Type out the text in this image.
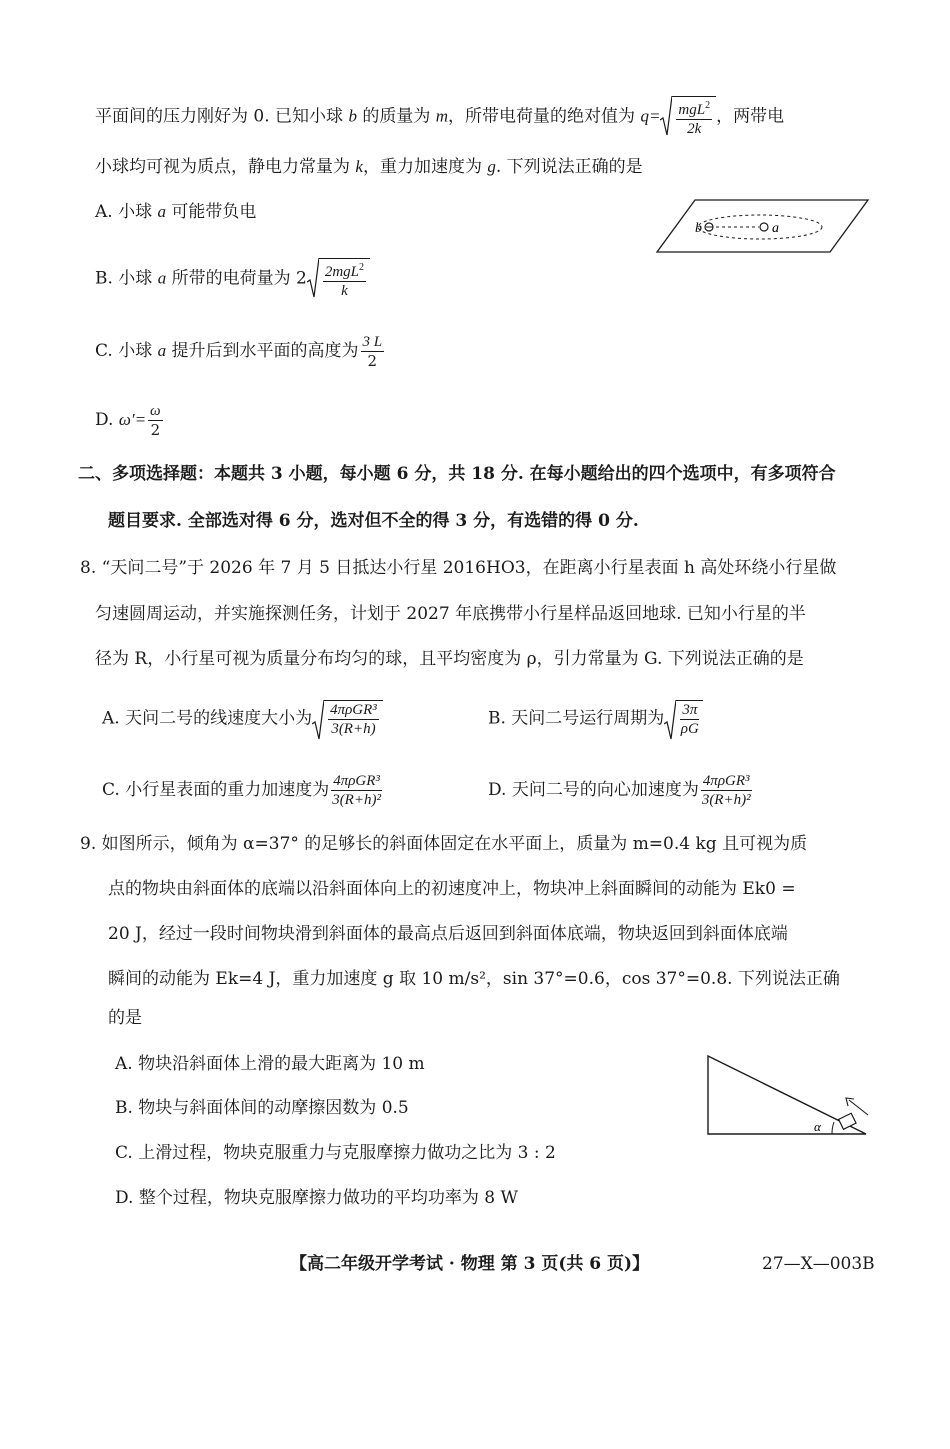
平面间的压力刚好为 0. 已知小球 b 的质量为 m，所带电荷量的绝对值为 $q= \frac{mgL^2}{2k}$ ，两带电
小球均可视为质点，静电力常量为 k，重力加速度为 g. 下列说法正确的是
A. 小球 a 可能带负电
B. 小球 a 所带的电荷量为 $2 \frac{2mgL^2}{k}$
C. 小球 a 提升后到水平面的高度为 $\frac{3 L}{2}$
D. $\omega'= \frac{\omega}{2}$
b	a
二、多项选择题：本题共 3 小题，每小题 6 分，共 18 分. 在每小题给出的四个选项中，有多项符合
题目要求. 全部选对得 6 分，选对但不全的得 3 分，有选错的得 0 分.
8. “天问二号”于 2026 年 7 月 5 日抵达小行星 2016HO3，在距离小行星表面 h 高处环绕小行星做
匀速圆周运动，并实施探测任务，计划于 2027 年底携带小行星样品返回地球. 已知小行星的半
径为 R，小行星可视为质量分布均匀的球，且平均密度为 ρ，引力常量为 G. 下列说法正确的是
A. 天问二号的线速度大小为 $\frac{\text{4πρGR³}}{3(R+h)}$	B. 天问二号运行周期为 $\frac{3\pi}{\rho G}$
C. 小行星表面的重力加速度为 $\frac{\text{4πρGR³}}{\text{3(R+h)²}}$	D. 天问二号的向心加速度为 $\frac{\text{4πρGR³}}{\text{3(R+h)²}}$
9. 如图所示，倾角为 α=37° 的足够长的斜面体固定在水平面上，质量为 m=0.4 kg 且可视为质
点的物块由斜面体的底端以沿斜面体向上的初速度冲上，物块冲上斜面瞬间的动能为 Ek0 =
20 J，经过一段时间物块滑到斜面体的最高点后返回到斜面体底端，物块返回到斜面体底端
瞬间的动能为 Ek=4 J，重力加速度 g 取 10 m/s²，sin 37°=0.6，cos 37°=0.8. 下列说法正确
的是
A. 物块沿斜面体上滑的最大距离为 10 m
B. 物块与斜面体间的动摩擦因数为 0.5
C. 上滑过程，物块克服重力与克服摩擦力做功之比为 3 : 2
D. 整个过程，物块克服摩擦力做功的平均功率为 8 W
α
【高二年级开学考试 · 物理 第 3 页(共 6 页)】	27—X—003B
